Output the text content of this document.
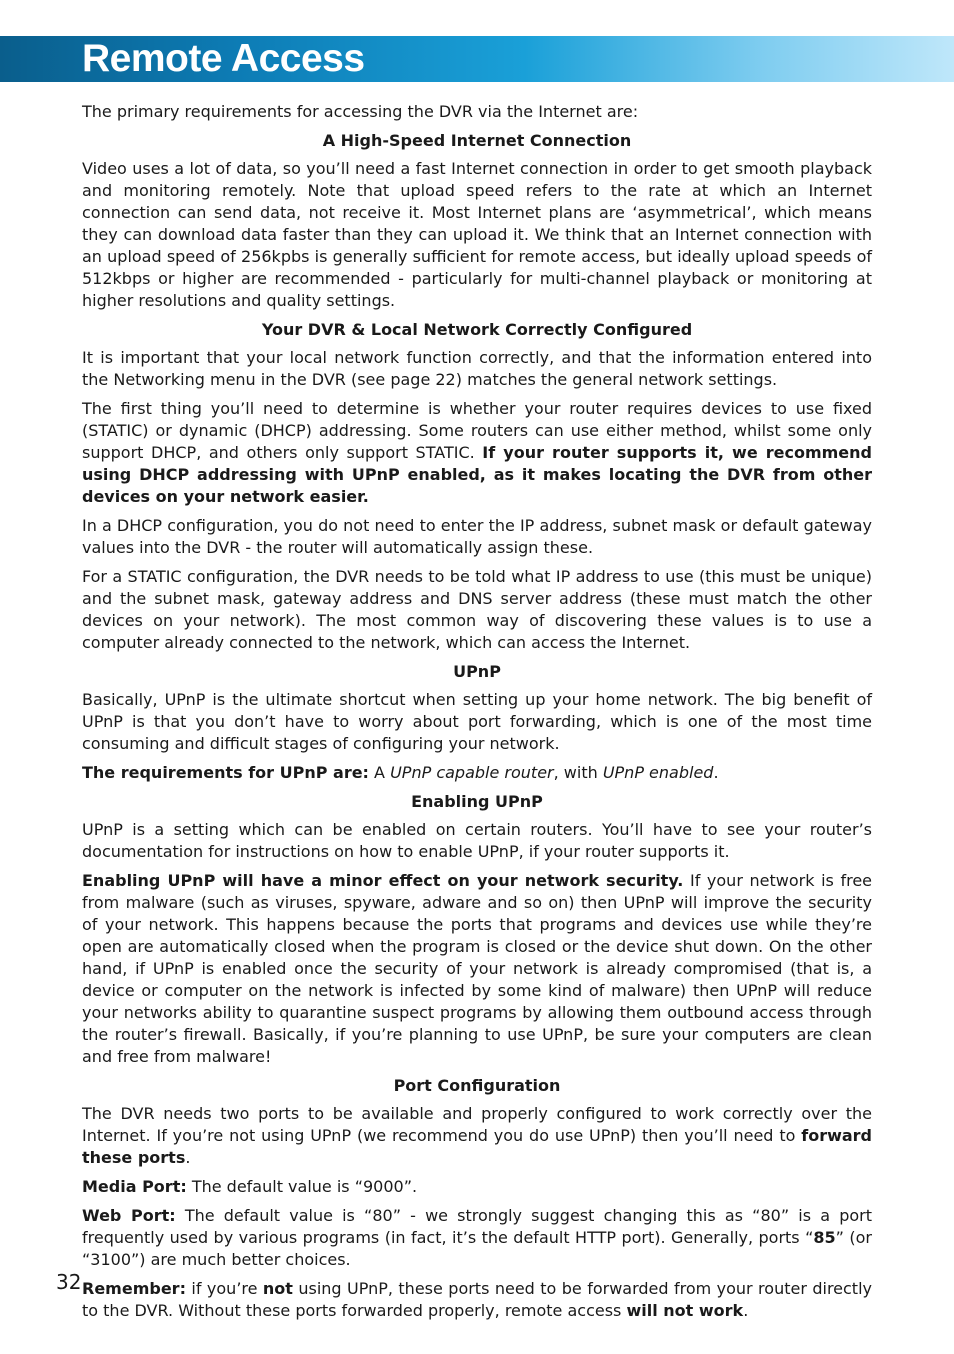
Remote Access

The primary requirements for accessing the DVR via the Internet are:

A High-Speed Internet Connection

Video uses a lot of data, so you’ll need a fast Internet connection in order to get smooth playback and monitoring remotely. Note that upload speed refers to the rate at which an Internet connection can send data, not receive it. Most Internet plans are ‘asymmetrical’, which means they can download data faster than they can upload it. We think that an Internet connection with an upload speed of 256kpbs is generally sufficient for remote access, but ideally upload speeds of 512kbps or higher are recommended - particularly for multi-channel playback or monitoring at higher resolutions and quality settings.

Your DVR & Local Network Correctly Configured

It is important that your local network function correctly, and that the information entered into the Networking menu in the DVR (see page 22) matches the general network settings.

The first thing you’ll need to determine is whether your router requires devices to use fixed (STATIC) or dynamic (DHCP) addressing. Some routers can use either method, whilst some only support DHCP, and others only support STATIC. If your router supports it, we recommend using DHCP addressing with UPnP enabled, as it makes locating the DVR from other devices on your network easier.

In a DHCP configuration, you do not need to enter the IP address, subnet mask or default gateway values into the DVR - the router will automatically assign these.

For a STATIC configuration, the DVR needs to be told what IP address to use (this must be unique) and the subnet mask, gateway address and DNS server address (these must match the other devices on your network). The most common way of discovering these values is to use a computer already connected to the network, which can access the Internet.

UPnP

Basically, UPnP is the ultimate shortcut when setting up your home network. The big benefit of UPnP is that you don’t have to worry about port forwarding, which is one of the most time consuming and difficult stages of configuring your network.

The requirements for UPnP are: A UPnP capable router, with UPnP enabled.

Enabling UPnP

UPnP is a setting which can be enabled on certain routers. You’ll have to see your router’s documentation for instructions on how to enable UPnP, if your router supports it.

Enabling UPnP will have a minor effect on your network security. If your network is free from malware (such as viruses, spyware, adware and so on) then UPnP will improve the security of your network. This happens because the ports that programs and devices use while they’re open are automatically closed when the program is closed or the device shut down. On the other hand, if UPnP is enabled once the security of your network is already compromised (that is, a device or computer on the network is infected by some kind of malware) then UPnP will reduce your networks ability to quarantine suspect programs by allowing them outbound access through the router’s firewall. Basically, if you’re planning to use UPnP, be sure your computers are clean and free from malware!

Port Configuration

The DVR needs two ports to be available and properly configured to work correctly over the Internet. If you’re not using UPnP (we recommend you do use UPnP) then you’ll need to forward these ports.

Media Port: The default value is “9000”.

Web Port: The default value is “80” - we strongly suggest changing this as “80” is a port frequently used by various programs (in fact, it’s the default HTTP port). Generally, ports “85” (or “3100”) are much better choices.

Remember: if you’re not using UPnP, these ports need to be forwarded from your router directly to the DVR. Without these ports forwarded properly, remote access will not work.

32
